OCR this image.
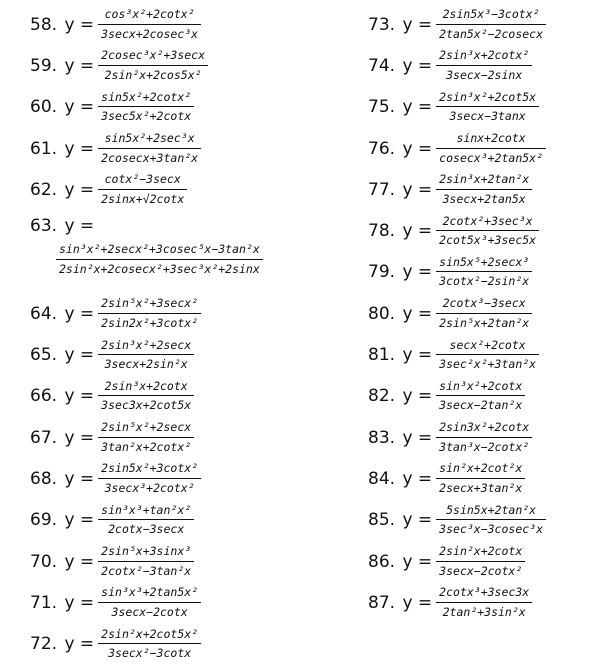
58. $y = \frac{\text{cos³x²+2cotx²}}{\text{3secx+2cosec³x}}$
59. $y = \frac{\text{2cosec³x²+3secx}}{\text{2sin²x+2cos5x²}}$
60. $y = \frac{\text{sin5x²+2cotx²}}{\text{3sec5x²+2cotx}}$
61. $y = \frac{\text{sin5x²+2sec³x}}{\text{2cosecx+3tan²x}}$
62. $y = \frac{\text{cotx²−3secx}}{2\sin x+√2\cot x}$
63. y =
$\frac{\text{sin³x²+2secx²+3cosec⁵x−3tan²x}}{\text{2sin²x+2cosecx²+3sec³x²+2sinx}}$
64. $y = \frac{\text{2sin⁵x²+3secx²}}{\text{2sin2x²+3cotx²}}$
65. $y = \frac{\text{2sin³x²+2secx}}{\text{3secx+2sin²x}}$
66. $y = \frac{\text{2sin³x+2cotx}}{3\sec 3x+2\cot 5x}$
67. $y = \frac{\text{2sin⁵x²+2secx}}{\text{3tan²x+2cotx²}}$
68. $y = \frac{\text{2sin5x²+3cotx²}}{\text{3secx³+2cotx²}}$
69. $y = \frac{\text{sin³x³+tan²x²}}{2\cot x-3\sec x}$
70. $y = \frac{\text{2sin⁵x+3sinx³}}{\text{2cotx²−3tan²x}}$
71. $y = \frac{\text{sin³x³+2tan5x²}}{3\sec x-2\cot x}$
72. $y = \frac{\text{2sin²x+2cot5x²}}{\text{3secx²−3cotx}}$
73. $y = \frac{\text{2sin5x³−3cotx²}}{\text{2tan5x²−2cosecx}}$
74. $y = \frac{\text{2sin³x+2cotx²}}{3\sec x-2\sin x}$
75. $y = \frac{\text{2sin³x²+2cot5x}}{3\sec x-3\tan x}$
76. $y = \frac{\sin x+2\cot x}{\text{cosecx³+2tan5x²}}$
77. $y = \frac{\text{2sin³x+2tan²x}}{3\sec x+2\tan 5x}$
78. $y = \frac{\text{2cotx²+3sec³x}}{\text{2cot5x³+3sec5x}}$
79. $y = \frac{\text{sin5x⁵+2secx³}}{\text{3cotx²−2sin²x}}$
80. $y = \frac{\text{2cotx³−3secx}}{\text{2sin⁵x+2tan²x}}$
81. $y = \frac{\text{secx²+2cotx}}{\text{3sec²x²+3tan²x}}$
82. $y = \frac{\text{sin³x²+2cotx}}{\text{3secx−2tan²x}}$
83. $y = \frac{\text{2sin3x²+2cotx}}{\text{3tan³x−2cotx²}}$
84. $y = \frac{\text{sin²x+2cot²x}}{\text{2secx+3tan²x}}$
85. $y = \frac{\text{5sin5x+2tan²x}}{\text{3sec³x−3cosec³x}}$
86. $y = \frac{\text{2sin²x+2cotx}}{\text{3secx−2cotx²}}$
87. $y = \frac{\text{2cotx³+3sec3x}}{\text{2tan²+3sin²x}}$
